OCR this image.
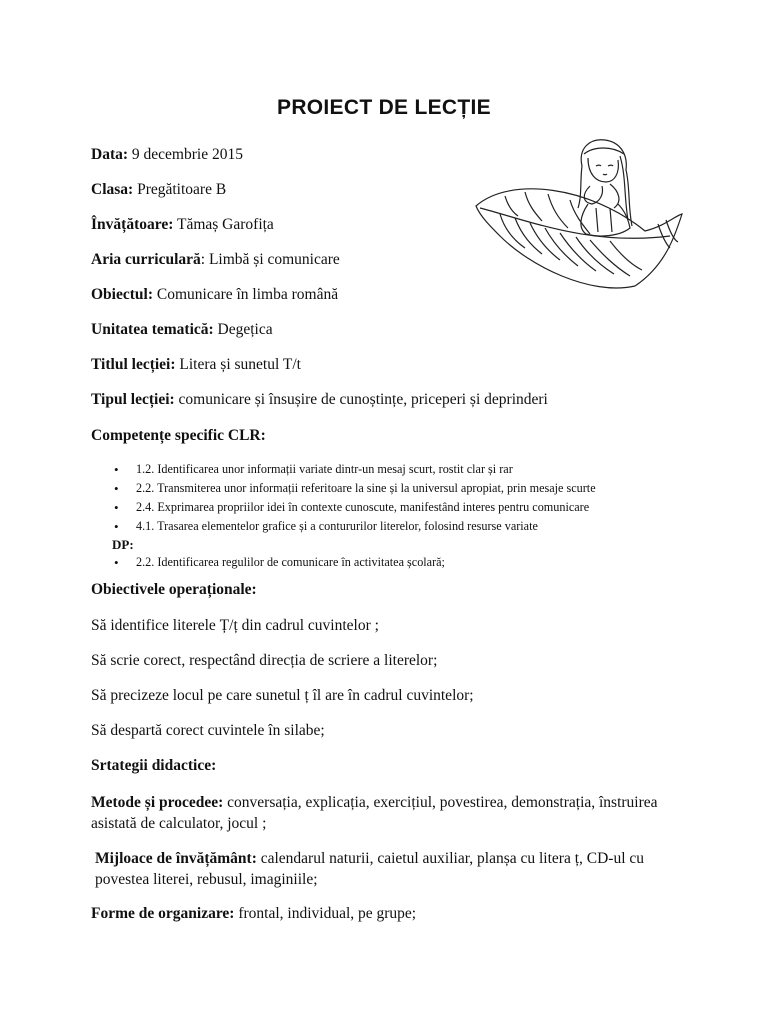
PROIECT DE LECȚIE
Data: 9 decembrie 2015
Clasa: Pregătitoare B
Învățătoare: Tămaș Garofița
Aria curriculară: Limbă și comunicare
Obiectul: Comunicare în limba română
Unitatea tematică: Degețica
Titlul lecției: Litera și sunetul T/t
Tipul lecției: comunicare și însușire de cunoștințe, priceperi și deprinderi
Competențe specific CLR:
• 1.2. Identificarea unor informații variate dintr-un mesaj scurt, rostit clar și rar
• 2.2. Transmiterea unor informații referitoare la sine și la universul apropiat, prin mesaje scurte
• 2.4. Exprimarea propriilor idei în contexte cunoscute, manifestând interes pentru comunicare
• 4.1. Trasarea elementelor grafice și a contururilor literelor, folosind resurse variate
DP:
• 2.2. Identificarea regulilor de comunicare în activitatea școlară;
Obiectivele operaționale:
Să identifice literele Ț/ț din cadrul cuvintelor ;
Să scrie corect, respectând direcția de scriere a literelor;
Să precizeze locul pe care sunetul ț îl are în cadrul cuvintelor;
Să despartă corect cuvintele în silabe;
Srtategii didactice:
Metode și procedee: conversația, explicația, exercițiul, povestirea, demonstrația, înstruirea asistată de calculator, jocul ;
Mijloace de învățământ: calendarul naturii, caietul auxiliar, planșa cu litera ț, CD-ul cu povestea literei, rebusul, imaginiile;
Forme de organizare: frontal, individual, pe grupe;
